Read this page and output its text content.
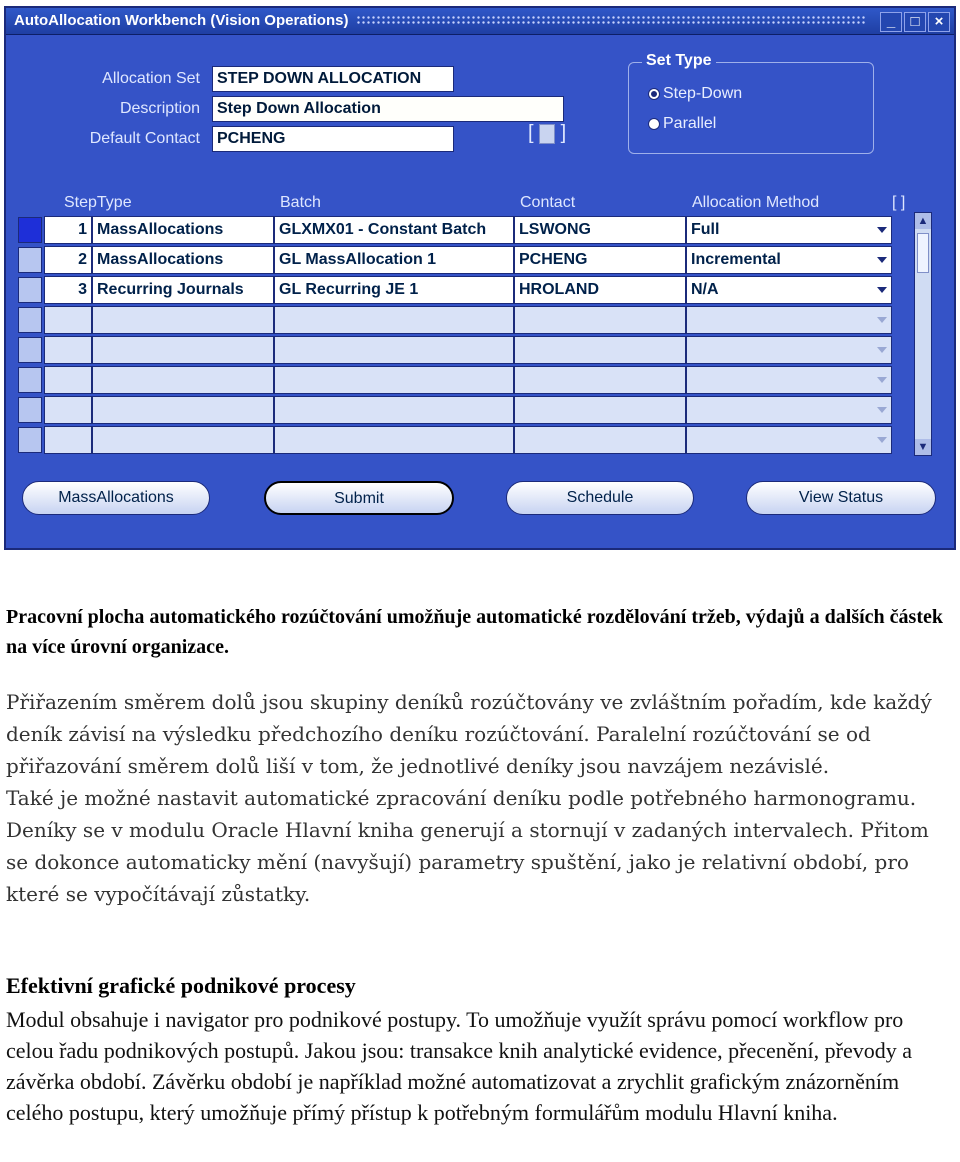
AutoAllocation Workbench (Vision Operations)	_	□	×
Allocation Set	STEP DOWN ALLOCATION
Description	Step Down Allocation
Default Contact	PCHENG	[  ]
Set Type
Step-Down
Parallel
StepType	Batch	Contact	Allocation Method	[ ]
1 MassAllocations	GLXMX01 - Constant Batch	LSWONG	Full
2 MassAllocations	GL MassAllocation 1	PCHENG	Incremental
3 Recurring Journals	GL Recurring JE 1	HROLAND	N/A
▲
▼
MassAllocations	Submit	Schedule	View Status
Pracovní plocha automatického rozúčtování umožňuje automatické rozdělování tržeb, výdajů a dalších částek na více úrovní organizace.

Přiřazením směrem dolů jsou skupiny deníků rozúčtovány ve zvláštním pořadím, kde každý deník závisí na výsledku předchozího deníku rozúčtování. Paralelní rozúčtování se od přiřazování směrem dolů liší v tom, že jednotlivé deníky jsou navzájem nezávislé.

Také je možné nastavit automatické zpracování deníku podle potřebného harmonogramu. Deníky se v modulu Oracle Hlavní kniha generují a stornují v zadaných intervalech. Přitom se dokonce automaticky mění (navyšují) parametry spuštění, jako je relativní období, pro které se vypočítávají zůstatky.

Efektivní grafické podnikové procesy
Modul obsahuje i navigator pro podnikové postupy. To umožňuje využít správu pomocí workflow pro celou řadu podnikových postupů. Jakou jsou: transakce knih analytické evidence, přecenění, převody a závěrka období. Závěrku období je například možné automatizovat a zrychlit grafickým znázorněním celého postupu, který umožňuje přímý přístup k potřebným formulářům modulu Hlavní kniha.
